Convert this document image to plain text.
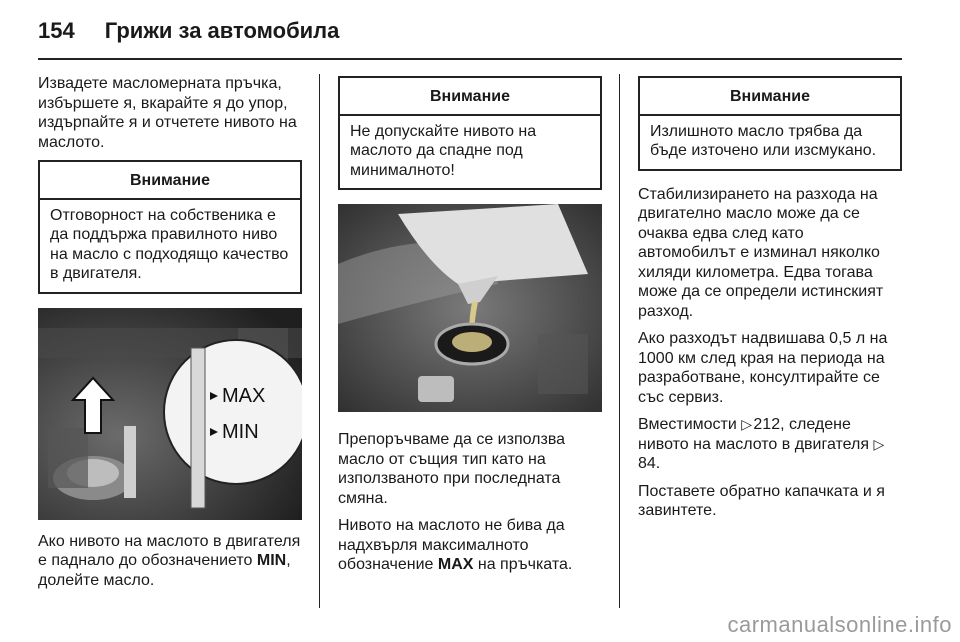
154 Грижи за автомобила

Извадете масломерната пръчка, избършете я, вкарайте я до упор, издърпайте я и отчетете нивото на маслото.

Внимание
Отговорност на собственика е да поддържа правилното ниво на масло с подходящо качество в двигателя.
MAX
MIN

Ако нивото на маслото в двигателя е паднало до обозначението MIN, долейте масло.

Внимание
Не допускайте нивото на маслото да спадне под минималното!

Препоръчваме да се използва масло от същия тип като на използваното при последната смяна.

Нивото на маслото не бива да надхвърля максималното обозначение MAX на пръчката.

Внимание
Излишното масло трябва да бъде източено или изсмукано.

Стабилизирането на разхода на двигателно масло може да се очаква едва след като автомобилът е изминал няколко хиляди километра. Едва тогава може да се определи истинският разход.

Ако разходът надвишава 0,5 л на 1000 км след края на периода на разработване, консултирайте се със сервиз.

Вместимости ▷ 212, следене нивото на маслото в двигателя ▷ 84.

Поставете обратно капачката и я завинтете.

carmanualsonline.info
